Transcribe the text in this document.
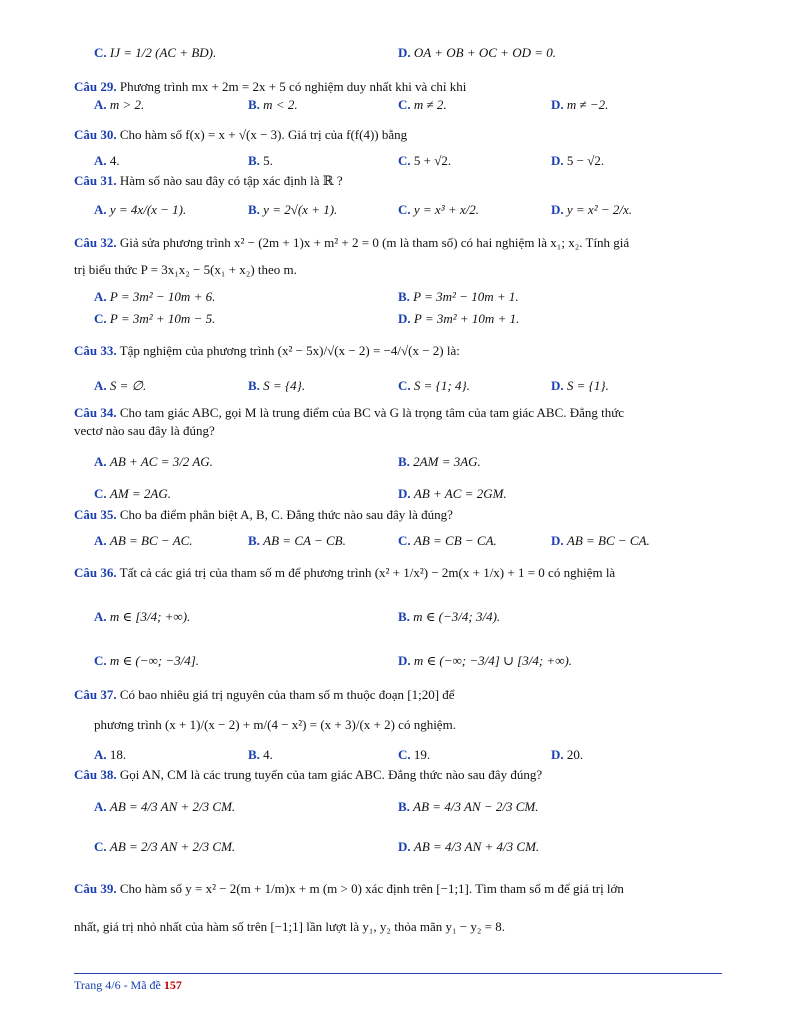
C. IJ = 1/2 (AC + BD).	D. OA + OB + OC + OD = 0.
Câu 29. Phương trình mx + 2m = 2x + 5 có nghiệm duy nhất khi và chỉ khi
A. m > 2.	B. m < 2.	C. m ≠ 2.	D. m ≠ −2.
Câu 30. Cho hàm số f(x) = x + √(x − 3). Giá trị của f(f(4)) bằng
A. 4.	B. 5.	C. 5 + √2.	D. 5 − √2.
Câu 31. Hàm số nào sau đây có tập xác định là ℝ ?
A. y = 4x/(x − 1).	B. y = 2√(x + 1).	C. y = x³ + x/2.	D. y = x² − 2/x.
Câu 32. Giả sửa phương trình x² − (2m + 1)x + m² + 2 = 0 (m là tham số) có hai nghiệm là x₁; x₂. Tính giá
trị biểu thức P = 3x₁x₂ − 5(x₁ + x₂) theo m.
A. P = 3m² − 10m + 6.	B. P = 3m² − 10m + 1.
C. P = 3m² + 10m − 5.	D. P = 3m² + 10m + 1.
Câu 33. Tập nghiệm của phương trình (x² − 5x)/√(x − 2) = −4/√(x − 2) là:
A. S = ∅.	B. S = {4}.	C. S = {1; 4}.	D. S = {1}.
Câu 34. Cho tam giác ABC, gọi M là trung điểm của BC và G là trọng tâm của tam giác ABC. Đẳng thức
vectơ nào sau đây là đúng?
A. AB + AC = 3/2 AG.	B. 2AM = 3AG.
C. AM = 2AG.	D. AB + AC = 2GM.
Câu 35. Cho ba điểm phân biệt A, B, C. Đẳng thức nào sau đây là đúng?
A. AB = BC − AC.	B. AB = CA − CB.	C. AB = CB − CA.	D. AB = BC − CA.
Câu 36. Tất cả các giá trị của tham số m để phương trình (x² + 1/x²) − 2m(x + 1/x) + 1 = 0 có nghiệm là
A. m ∈ [3/4; +∞).	B. m ∈ (−3/4; 3/4).
C. m ∈ (−∞; −3/4].	D. m ∈ (−∞; −3/4] ∪ [3/4; +∞).
Câu 37. Có bao nhiêu giá trị nguyên của tham số m thuộc đoạn [1;20] để
phương trình (x + 1)/(x − 2) + m/(4 − x²) = (x + 3)/(x + 2) có nghiệm.
A. 18.	B. 4.	C. 19.	D. 20.
Câu 38. Gọi AN, CM là các trung tuyến của tam giác ABC. Đẳng thức nào sau đây đúng?
A. AB = 4/3 AN + 2/3 CM.	B. AB = 4/3 AN − 2/3 CM.
C. AB = 2/3 AN + 2/3 CM.	D. AB = 4/3 AN + 4/3 CM.
Câu 39. Cho hàm số y = x² − 2(m + 1/m)x + m (m > 0) xác định trên [−1;1]. Tìm tham số m để giá trị lớn
nhất, giá trị nhỏ nhất của hàm số trên [−1;1] lần lượt là y₁, y₂ thỏa mãn y₁ − y₂ = 8.
Trang 4/6 - Mã đề 157
